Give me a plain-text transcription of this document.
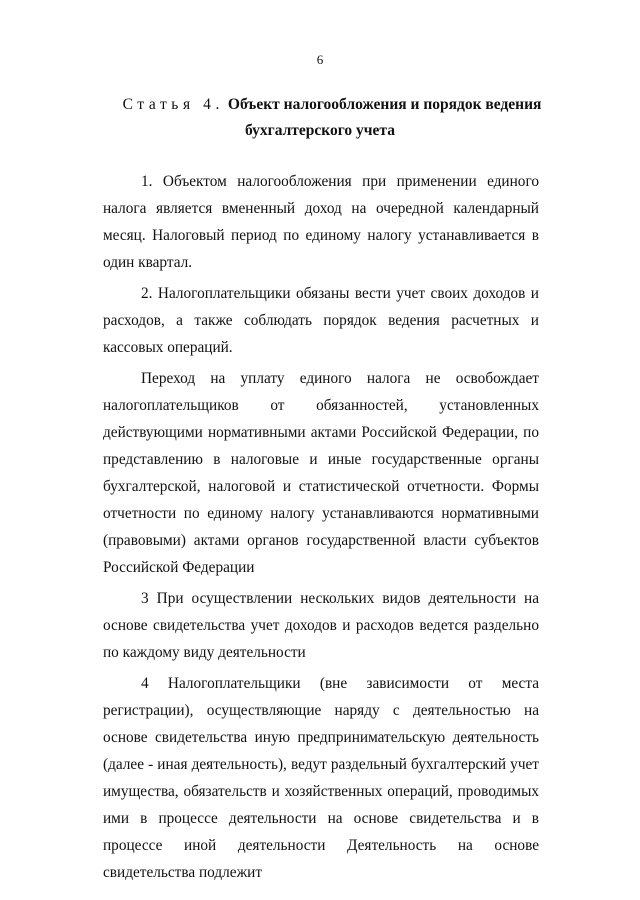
6
Статья 4. Объект налогообложения и порядок ведения
бухгалтерского учета

1. Объектом налогообложения при применении единого налога является вмененный доход на очередной календарный месяц. Налоговый период по единому налогу устанавливается в один квартал.

2. Налогоплательщики обязаны вести учет своих доходов и расходов, а также соблюдать порядок ведения расчетных и кассовых операций.

Переход на уплату единого налога не освобождает налогоплательщиков от обязанностей, установленных действующими нормативными актами Российской Федерации, по представлению в налоговые и иные государственные органы бухгалтерской, налоговой и статистической отчетности. Формы отчетности по единому налогу устанавливаются нормативными (правовыми) актами органов государственной власти субъектов Российской Федерации

3 При осуществлении нескольких видов деятельности на основе свидетельства учет доходов и расходов ведется раздельно по каждому виду деятельности

4 Налогоплательщики (вне зависимости от места регистрации), осуществляющие наряду с деятельностью на основе свидетельства иную предпринимательскую деятельность (далее - иная деятельность), ведут раздельный бухгалтерский учет имущества, обязательств и хозяйственных операций, проводимых ими в процессе деятельности на основе свидетельства и в процессе иной деятельности Деятельность на основе свидетельства подлежит
